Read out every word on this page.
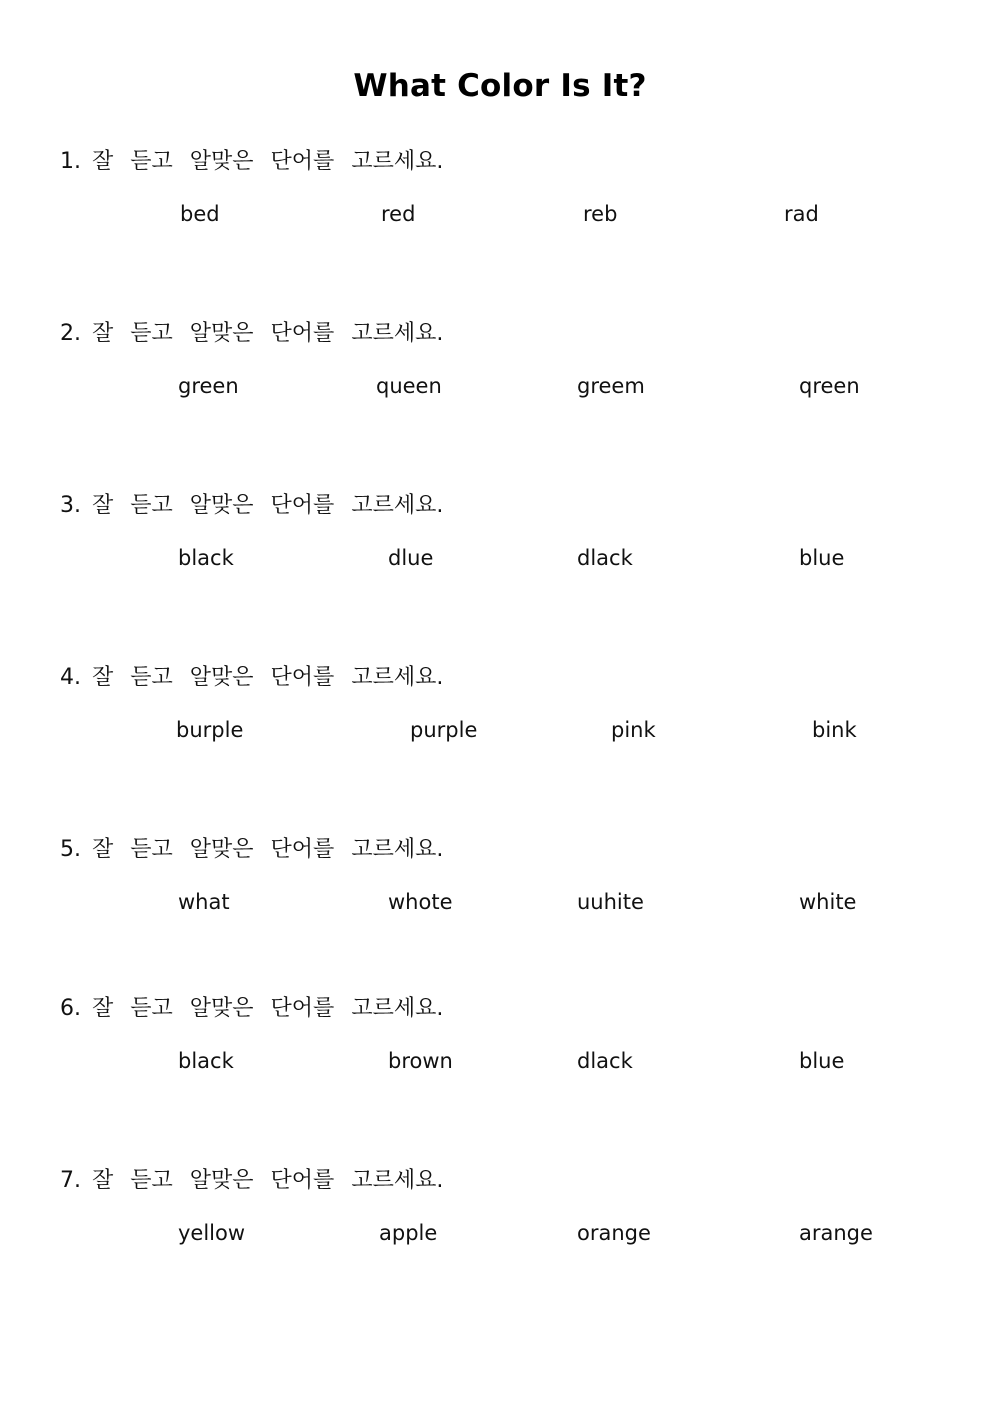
What Color Is It?
1. 잘 듣고 알맞은 단어를 고르세요.
bed	red	reb	rad
2. 잘 듣고 알맞은 단어를 고르세요.
green	queen	greem	qreen
3. 잘 듣고 알맞은 단어를 고르세요.
black	dlue	dlack	blue
4. 잘 듣고 알맞은 단어를 고르세요.
burple	purple	pink	bink
5. 잘 듣고 알맞은 단어를 고르세요.
what	whote	uuhite	white
6. 잘 듣고 알맞은 단어를 고르세요.
black	brown	dlack	blue
7. 잘 듣고 알맞은 단어를 고르세요.
yellow	apple	orange	arange
